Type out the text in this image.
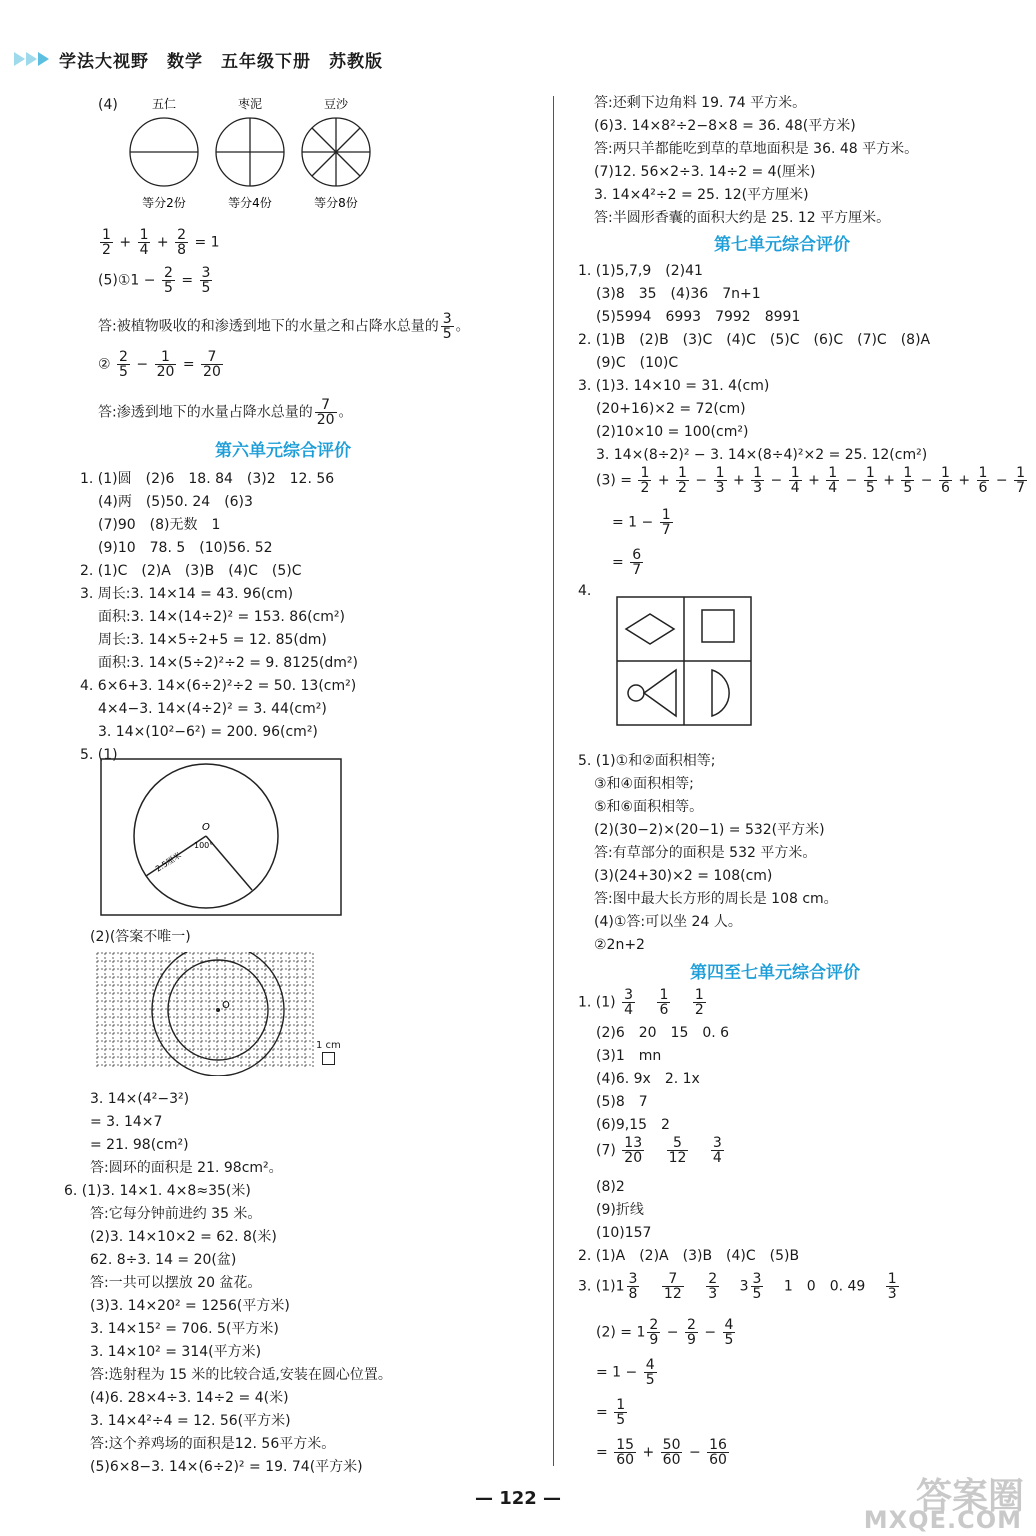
学法大视野　数学　五年级下册　苏教版
(4)	五仁	枣泥	豆沙
等分2份	等分4份	等分8份
$\frac{1}{2} + \frac{1}{4} + \frac{2}{8} = 1$
(5)①1 − $\frac{2}{5} = \frac{3}{5}$
答:被植物吸收的和渗透到地下的水量之和占降水总量的 $\frac{3}{5}$ 。
② $\frac{2}{5} - \frac{1}{20} = \frac{7}{20}$
答:渗透到地下的水量占降水总量的 $\frac{7}{20}$ 。
第六单元综合评价
1. (1)圆　(2)6　18. 84　(3)2　12. 56
(4)两　(5)50. 24　(6)3
(7)90　(8)无数　1
(9)10　78. 5　(10)56. 52
2. (1)C　(2)A　(3)B　(4)C　(5)C
3. 周长:3. 14×14 = 43. 96(cm)
面积:3. 14×(14÷2)² = 153. 86(cm²)
周长:3. 14×5÷2+5 = 12. 85(dm)
面积:3. 14×(5÷2)²÷2 = 9. 8125(dm²)
4. 6×6+3. 14×(6÷2)²÷2 = 50. 13(cm²)
4×4−3. 14×(4÷2)² = 3. 44(cm²)
3. 14×(10²−6²) = 200. 96(cm²)
5. (1)
O
100°
2.5厘米
(2)(答案不唯一)
O
1 cm
3. 14×(4²−3²)
= 3. 14×7
= 21. 98(cm²)
答:圆环的面积是 21. 98cm²。
6. (1)3. 14×1. 4×8≈35(米)
答:它每分钟前进约 35 米。
(2)3. 14×10×2 = 62. 8(米)
62. 8÷3. 14 = 20(盆)
答:一共可以摆放 20 盆花。
(3)3. 14×20² = 1256(平方米)
3. 14×15² = 706. 5(平方米)
3. 14×10² = 314(平方米)
答:选射程为 15 米的比较合适,安装在圆心位置。
(4)6. 28×4÷3. 14÷2 = 4(米)
3. 14×4²÷4 = 12. 56(平方米)
答:这个养鸡场的面积是12. 56平方米。
(5)6×8−3. 14×(6÷2)² = 19. 74(平方米)
答:还剩下边角料 19. 74 平方米。
(6)3. 14×8²÷2−8×8 = 36. 48(平方米)
答:两只羊都能吃到草的草地面积是 36. 48 平方米。
(7)12. 56×2÷3. 14÷2 = 4(厘米)
3. 14×4²÷2 = 25. 12(平方厘米)
答:半圆形香囊的面积大约是 25. 12 平方厘米。
第七单元综合评价
1. (1)5,7,9　(2)41
(3)8　35　(4)36　7n+1
(5)5994　6993　7992　8991
2. (1)B　(2)B　(3)C　(4)C　(5)C　(6)C　(7)C　(8)A
(9)C　(10)C
3. (1)3. 14×10 = 31. 4(cm)
(20+16)×2 = 72(cm)
(2)10×10 = 100(cm²)
3. 14×(8÷2)² − 3. 14×(8÷4)²×2 = 25. 12(cm²)
$(3) = \frac{1}{2} + \frac{1}{2} - \frac{1}{3} + \frac{1}{3} - \frac{1}{4} + \frac{1}{4} - \frac{1}{5} + \frac{1}{5} - \frac{1}{6} + \frac{1}{6} - \frac{1}{7}$
= $1 - \frac{1}{7}$
= $\frac{6}{7}$
4.
5. (1)①和②面积相等;
③和④面积相等;
⑤和⑥面积相等。
(2)(30−2)×(20−1) = 532(平方米)
答:有草部分的面积是 532 平方米。
(3)(24+30)×2 = 108(cm)
答:图中最大长方形的周长是 108 cm。
(4)①答:可以坐 24 人。
②2n+2
第四至七单元综合评价
1. $(1) \frac{3}{4}$
　 $\frac{1}{6}$
　 $\frac{1}{2}$
(2)6　20　15　0. 6
(3)1　mn
(4)6. 9x　2. 1x
(5)8　7
(6)9,15　2
$(7) \frac{13}{20}$
　 $\frac{5}{12}$
　 $\frac{3}{4}$
(8)2
(9)折线
(10)157
2. (1)A　(2)A　(3)B　(4)C　(5)B
3. $(1)1 \frac{3}{8}$
　 $\frac{7}{12}$
　 $\frac{2}{3}$
　 $3 \frac{3}{5}$
　 1　0　0. 49　 $\frac{1}{3}$
$(2) = 1 \frac{2}{9} - \frac{2}{9} - \frac{4}{5}$
= $1 - \frac{4}{5}$
= $\frac{1}{5}$
= $\frac{15}{60} + \frac{50}{60} - \frac{16}{60}$
— 122 —	答案圈
MXQE.COM
